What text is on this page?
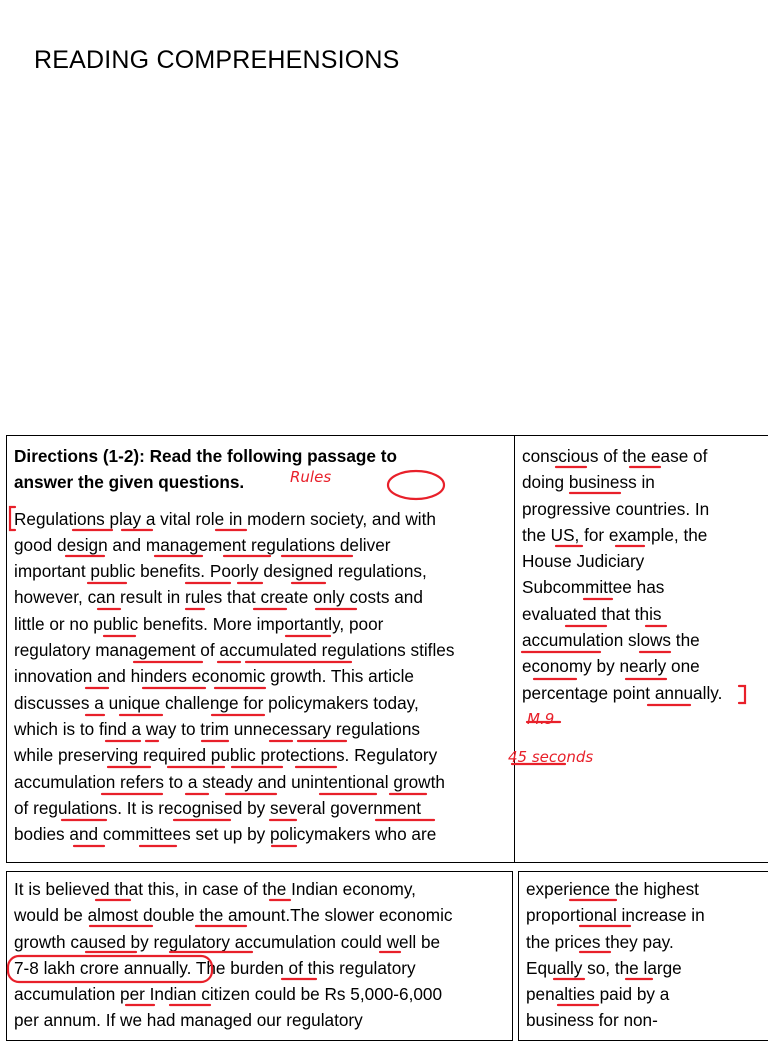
READING COMPREHENSIONS
Directions (1-2): Read the following passage to
answer the given questions.
Regulations play a vital role in modern society, and with
good design and management regulations deliver
important public benefits. Poorly designed regulations,
however, can result in rules that create only costs and
little or no public benefits. More importantly, poor
regulatory management of accumulated regulations stifles
innovation and hinders economic growth. This article
discusses a unique challenge for policymakers today,
which is to find a way to trim unnecessary regulations
while preserving required public protections. Regulatory
accumulation refers to a steady and unintentional growth
of regulations. It is recognised by several government
bodies and committees set up by policymakers who are
conscious of the ease of
doing business in
progressive countries. In
the US, for example, the
House Judiciary
Subcommittee has
evaluated that this
accumulation slows the
economy by nearly one
percentage point annually.
It is believed that this, in case of the Indian economy,
would be almost double the amount.The slower economic
growth caused by regulatory accumulation could well be
7-8 lakh crore annually. The burden of this regulatory
accumulation per Indian citizen could be Rs 5,000-6,000
per annum. If we had managed our regulatory
experience the highest
proportional increase in
the prices they pay.
Equally so, the large
penalties paid by a
business for non-
Rules
M.9
45 seconds
